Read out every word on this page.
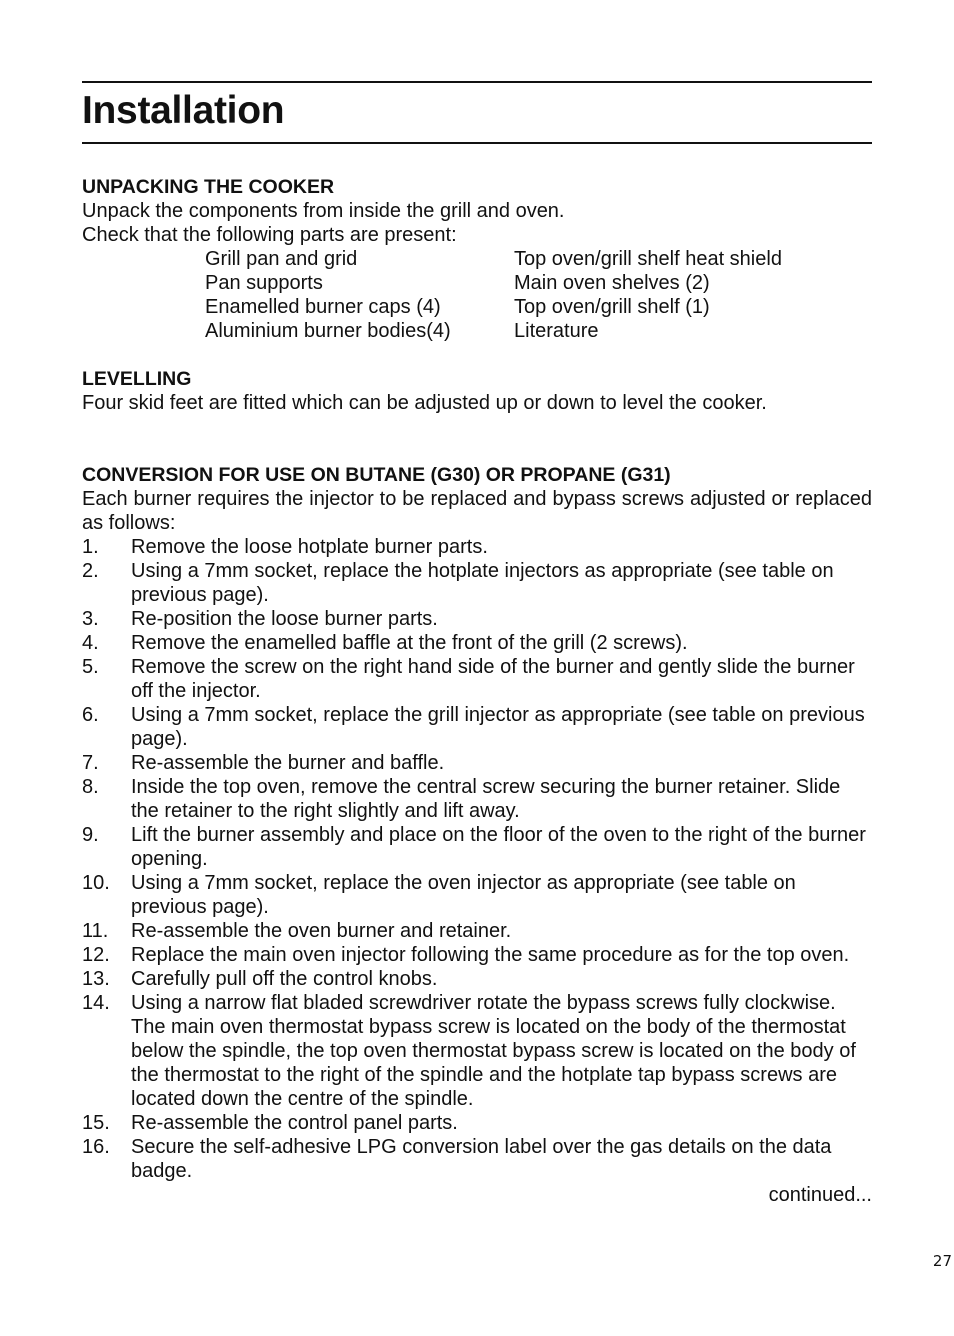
Installation

UNPACKING THE COOKER

Unpack the components from inside the grill and oven.

Check that the following parts are present:

Grill pan and grid	Top oven/grill shelf heat shield
Pan supports	Main oven shelves (2)
Enamelled burner caps (4)	Top oven/grill shelf (1)
Aluminium burner bodies(4)	Literature

LEVELLING

Four skid feet are fitted which can be adjusted up or down to level the cooker.

CONVERSION FOR USE ON BUTANE (G30) OR PROPANE (G31)

Each burner requires the injector to be replaced and bypass screws adjusted or replaced as follows:

1. Remove the loose hotplate burner parts.
2. Using a 7mm socket, replace the hotplate injectors as appropriate (see table on previous page).
3. Re-position the loose burner parts.
4. Remove the enamelled baffle at the front of the grill (2 screws).
5. Remove the screw on the right hand side of the burner and gently slide the burner off the injector.
6. Using a 7mm socket, replace the grill injector as appropriate (see table on previous page).
7. Re-assemble the burner and baffle.
8. Inside the top oven, remove the central screw securing the burner retainer. Slide the retainer to the right slightly and lift away.
9. Lift the burner assembly and place on the floor of the oven to the right of the burner opening.
10. Using a 7mm socket, replace the oven injector as appropriate (see table on previous page).
11. Re-assemble the oven burner and retainer.
12. Replace the main oven injector following the same procedure as for the top oven.
13. Carefully pull off the control knobs.
14. Using a narrow flat bladed screwdriver rotate the bypass screws fully clockwise. The main oven thermostat bypass screw is located on the body of the thermostat below the spindle, the top oven thermostat bypass screw is located on the body of the thermostat to the right of the spindle and the hotplate tap bypass screws are located down the centre of the spindle.
15. Re-assemble the control panel parts.
16. Secure the self-adhesive LPG conversion label over the gas details on the data badge.

continued...

27
